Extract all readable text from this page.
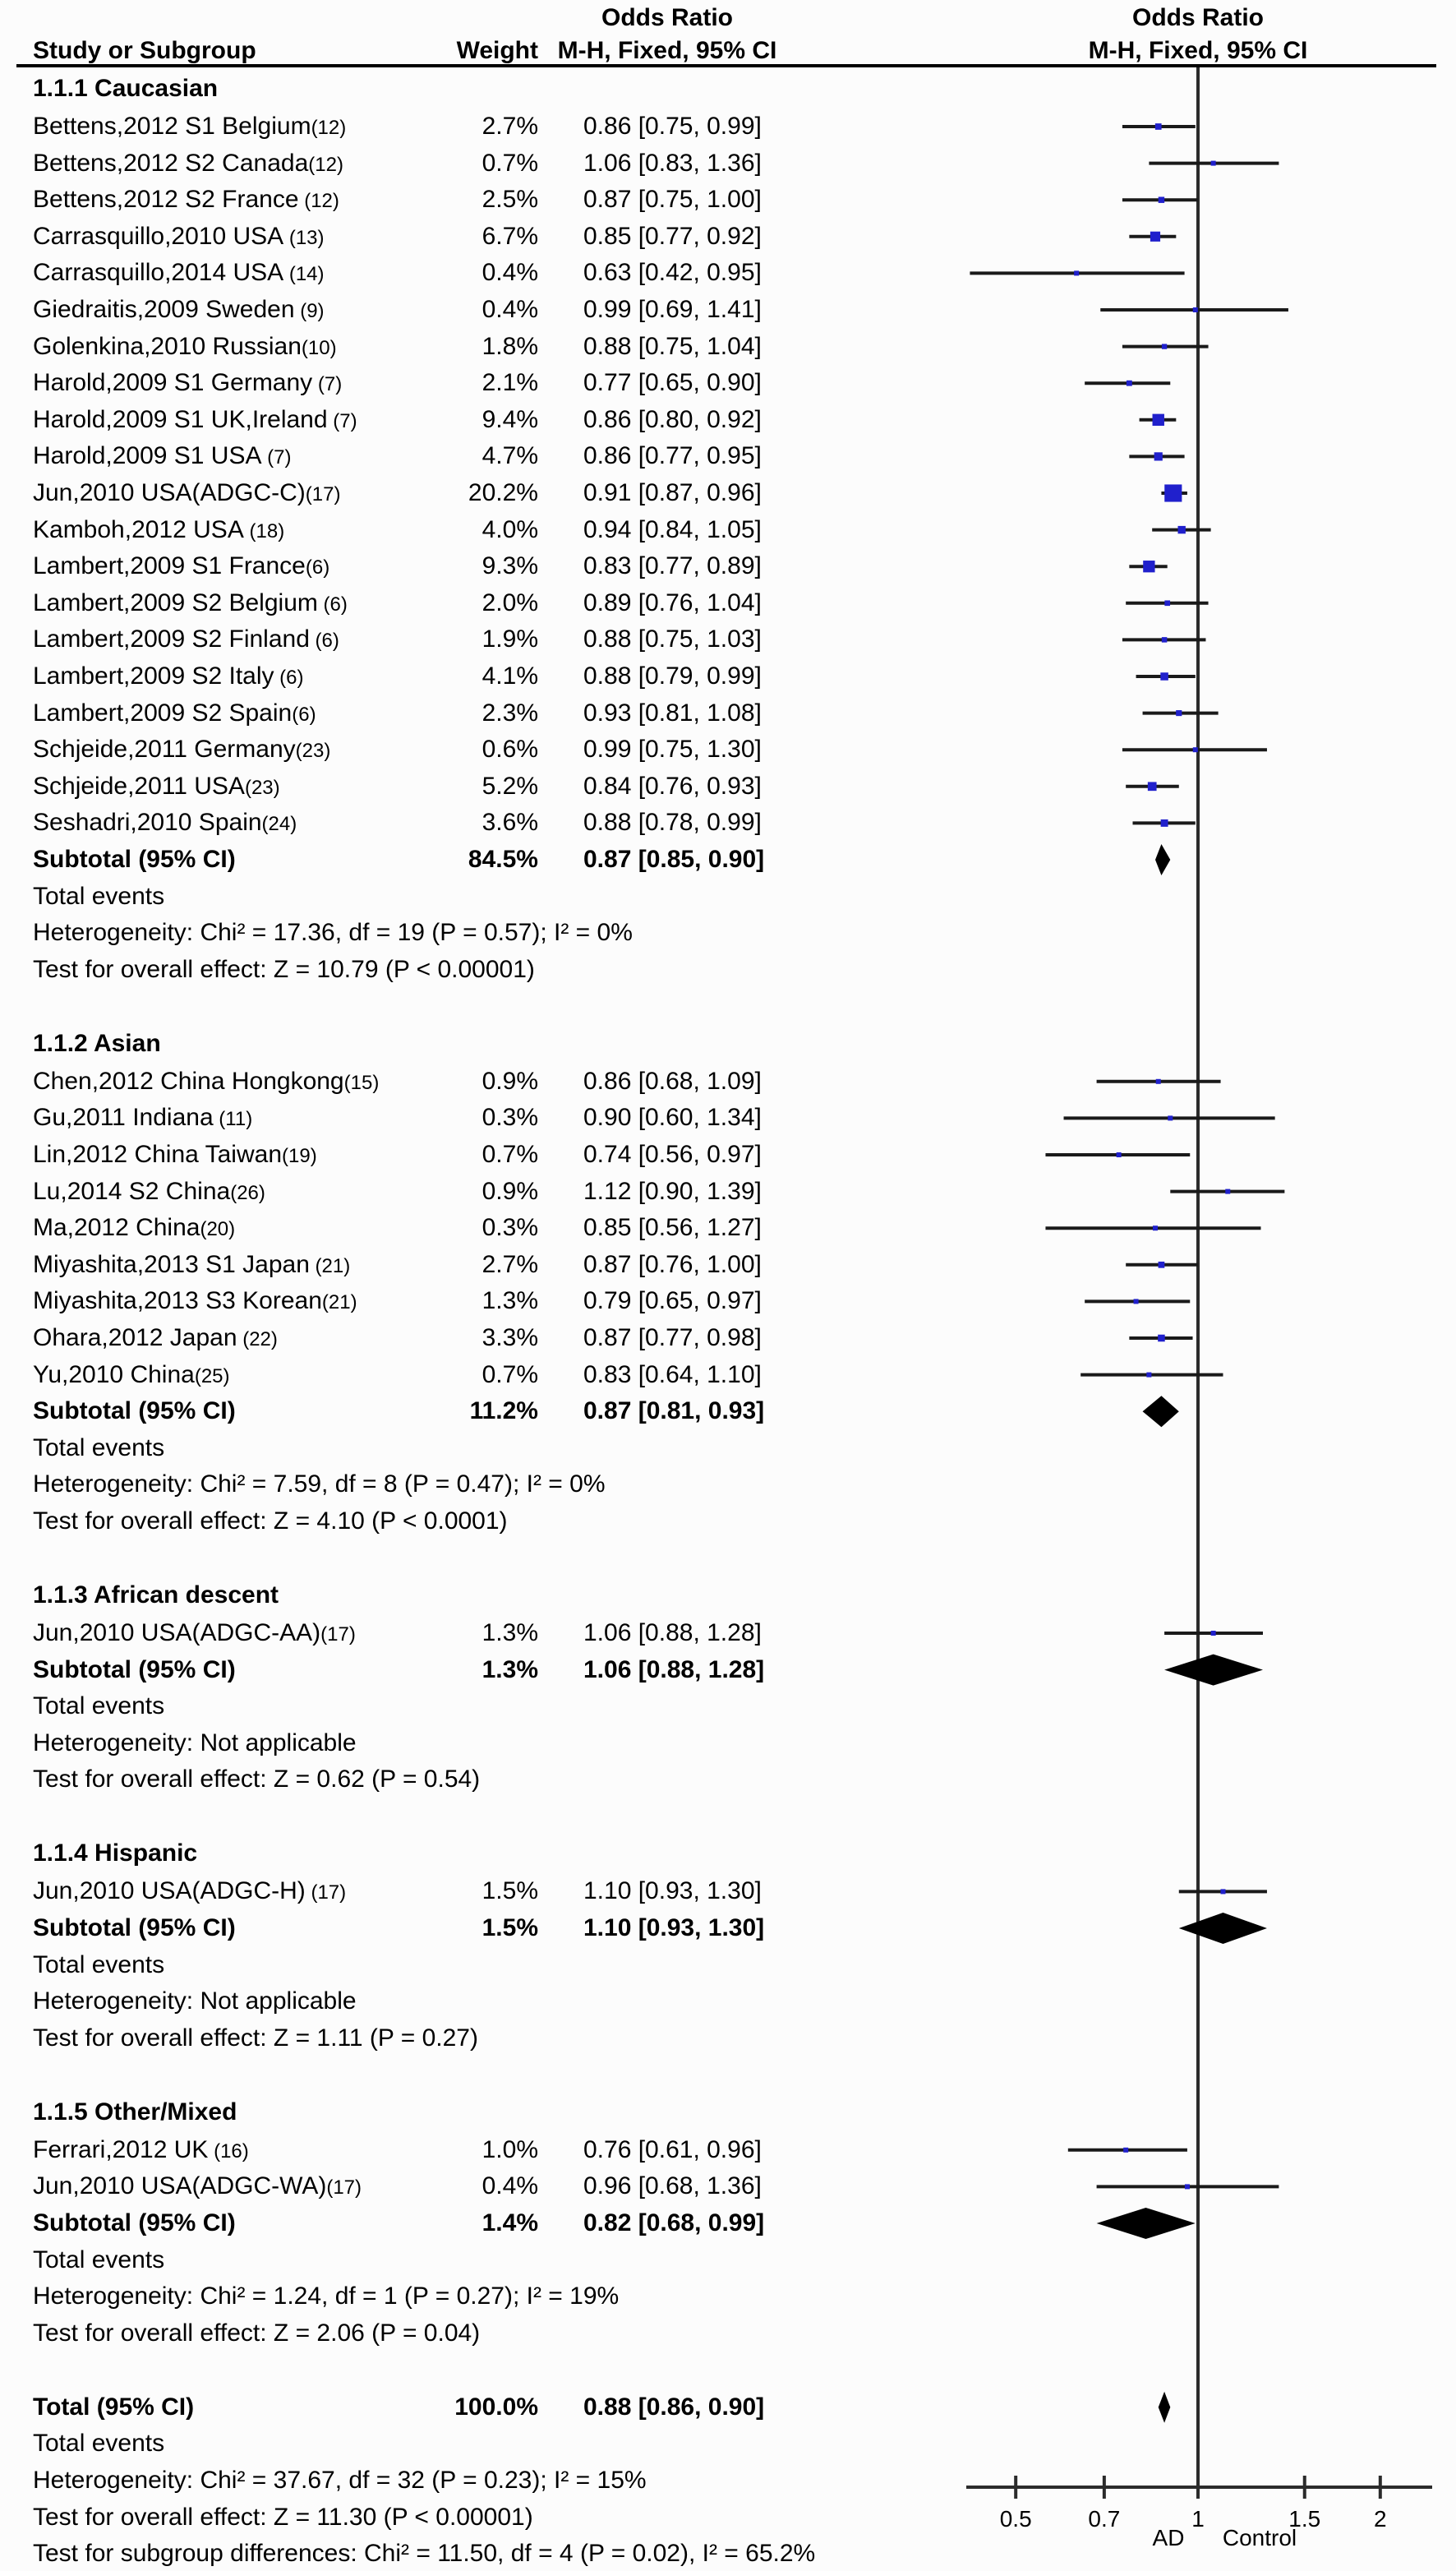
Odds Ratio	Odds Ratio
Study or Subgroup	Weight M-H, Fixed, 95% CI	M-H, Fixed, 95% CI
1.1.1 Caucasian
Bettens,2012 S1 Belgium(12)	2.7% 0.86 [0.75, 0.99]
Bettens,2012 S2 Canada(12)	0.7% 1.06 [0.83, 1.36]
Bettens,2012 S2 France (12)	2.5% 0.87 [0.75, 1.00]
Carrasquillo,2010 USA (13)	6.7% 0.85 [0.77, 0.92]
Carrasquillo,2014 USA (14)	0.4% 0.63 [0.42, 0.95]
Giedraitis,2009 Sweden (9)	0.4% 0.99 [0.69, 1.41]
Golenkina,2010 Russian(10)	1.8% 0.88 [0.75, 1.04]
Harold,2009 S1 Germany (7)	2.1% 0.77 [0.65, 0.90]
Harold,2009 S1 UK,Ireland (7)	9.4% 0.86 [0.80, 0.92]
Harold,2009 S1 USA (7)	4.7% 0.86 [0.77, 0.95]
Jun,2010 USA(ADGC-C)(17)	20.2% 0.91 [0.87, 0.96]
Kamboh,2012 USA (18)	4.0% 0.94 [0.84, 1.05]
Lambert,2009 S1 France(6)	9.3% 0.83 [0.77, 0.89]
Lambert,2009 S2 Belgium (6)	2.0% 0.89 [0.76, 1.04]
Lambert,2009 S2 Finland (6)	1.9% 0.88 [0.75, 1.03]
Lambert,2009 S2 Italy (6)	4.1% 0.88 [0.79, 0.99]
Lambert,2009 S2 Spain(6)	2.3% 0.93 [0.81, 1.08]
Schjeide,2011 Germany(23)	0.6% 0.99 [0.75, 1.30]
Schjeide,2011 USA(23)	5.2% 0.84 [0.76, 0.93]
Seshadri,2010 Spain(24)	3.6% 0.88 [0.78, 0.99]
Subtotal (95% CI)	84.5% 0.87 [0.85, 0.90]
Total events
Heterogeneity: Chi² = 17.36, df = 19 (P = 0.57); I² = 0%
Test for overall effect: Z = 10.79 (P < 0.00001)
1.1.2 Asian
Chen,2012 China Hongkong(15)	0.9% 0.86 [0.68, 1.09]
Gu,2011 Indiana (11)	0.3% 0.90 [0.60, 1.34]
Lin,2012 China Taiwan(19)	0.7% 0.74 [0.56, 0.97]
Lu,2014 S2 China(26)	0.9% 1.12 [0.90, 1.39]
Ma,2012 China(20)	0.3% 0.85 [0.56, 1.27]
Miyashita,2013 S1 Japan (21)	2.7% 0.87 [0.76, 1.00]
Miyashita,2013 S3 Korean(21)	1.3% 0.79 [0.65, 0.97]
Ohara,2012 Japan (22)	3.3% 0.87 [0.77, 0.98]
Yu,2010 China(25)	0.7% 0.83 [0.64, 1.10]
Subtotal (95% CI)	11.2% 0.87 [0.81, 0.93]
Total events
Heterogeneity: Chi² = 7.59, df = 8 (P = 0.47); I² = 0%
Test for overall effect: Z = 4.10 (P < 0.0001)
1.1.3 African descent
Jun,2010 USA(ADGC-AA)(17)	1.3% 1.06 [0.88, 1.28]
Subtotal (95% CI)	1.3% 1.06 [0.88, 1.28]
Total events
Heterogeneity: Not applicable
Test for overall effect: Z = 0.62 (P = 0.54)
1.1.4 Hispanic
Jun,2010 USA(ADGC-H) (17)	1.5% 1.10 [0.93, 1.30]
Subtotal (95% CI)	1.5% 1.10 [0.93, 1.30]
Total events
Heterogeneity: Not applicable
Test for overall effect: Z = 1.11 (P = 0.27)
1.1.5 Other/Mixed
Ferrari,2012 UK (16)	1.0% 0.76 [0.61, 0.96]
Jun,2010 USA(ADGC-WA)(17)	0.4% 0.96 [0.68, 1.36]
Subtotal (95% CI)	1.4% 0.82 [0.68, 0.99]
Total events
Heterogeneity: Chi² = 1.24, df = 1 (P = 0.27); I² = 19%
Test for overall effect: Z = 2.06 (P = 0.04)
Total (95% CI)	100.0% 0.88 [0.86, 0.90]
Total events
Heterogeneity: Chi² = 37.67, df = 32 (P = 0.23); I² = 15%
Test for overall effect: Z = 11.30 (P < 0.00001)
Test for subgroup differences: Chi² = 11.50, df = 4 (P = 0.02), I² = 65.2%
0.5 0.7	1	1.5 2
AD	Control
